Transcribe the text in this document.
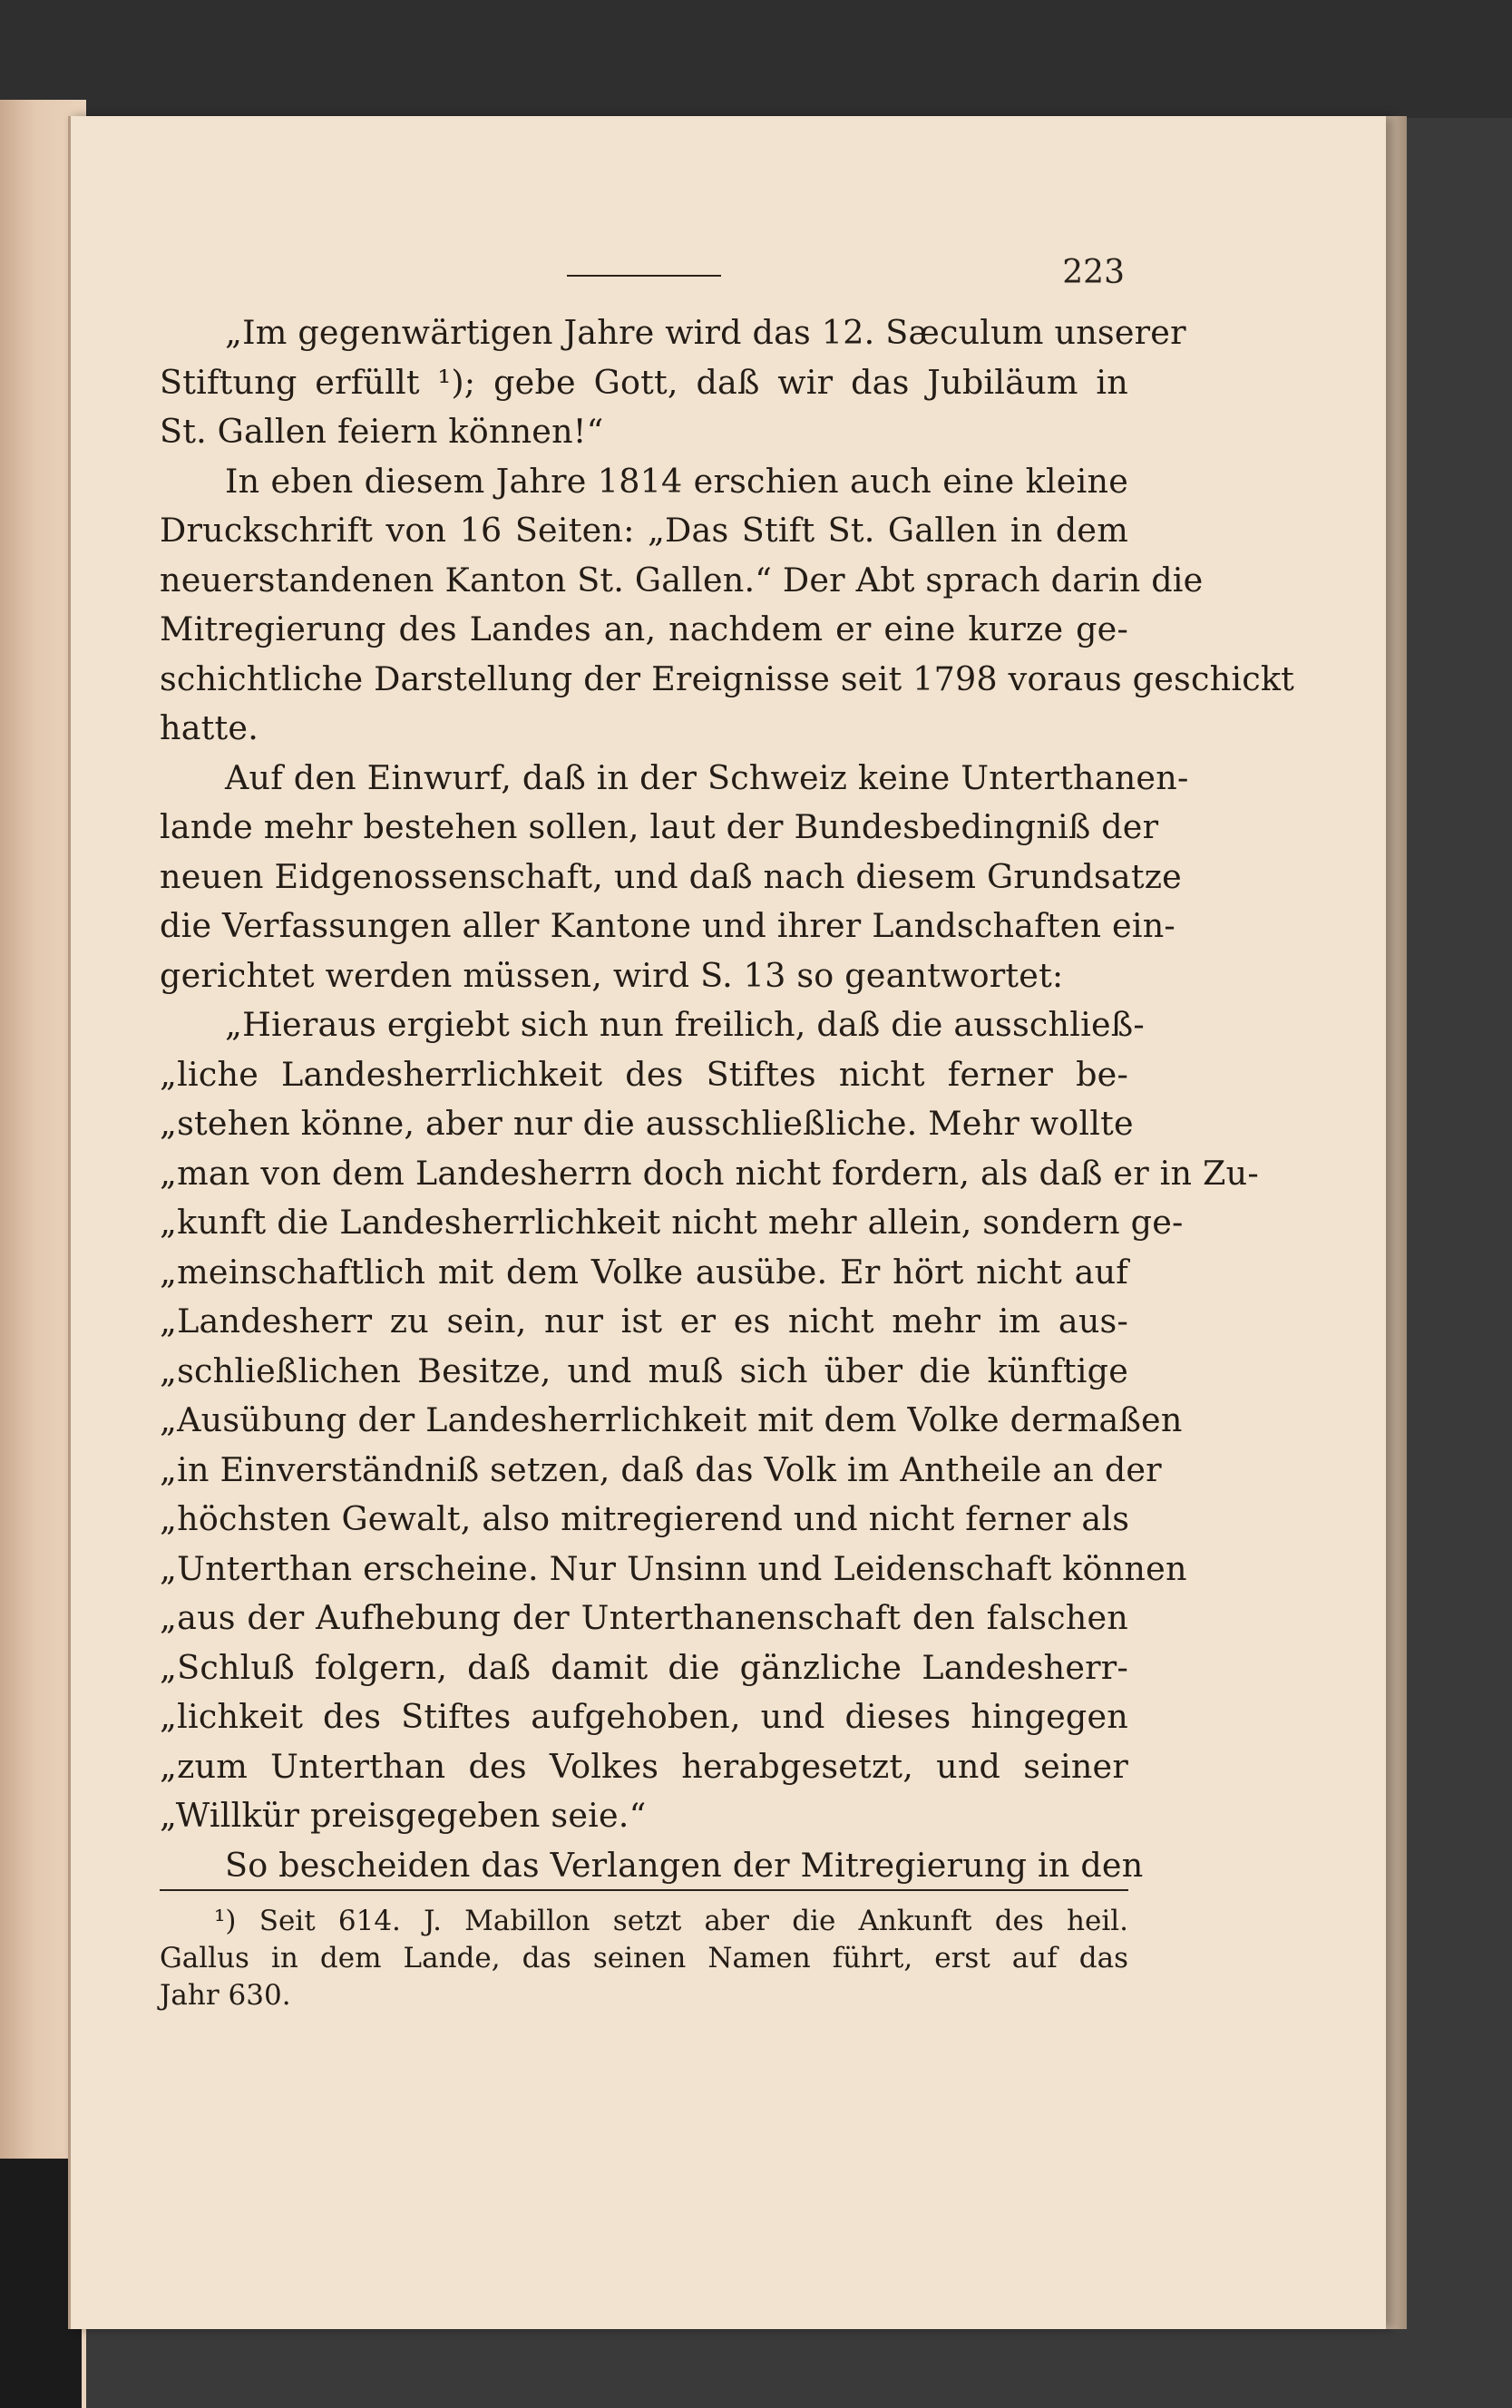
223
„Im gegenwärtigen Jahre wird das 12. Sæculum unserer
Stiftung erfüllt ¹); gebe Gott, daß wir das Jubiläum in
St. Gallen feiern können!“
In eben diesem Jahre 1814 erschien auch eine kleine
Druckschrift von 16 Seiten: „Das Stift St. Gallen in dem
neuerstandenen Kanton St. Gallen.“ Der Abt sprach darin die
Mitregierung des Landes an, nachdem er eine kurze ge-
schichtliche Darstellung der Ereignisse seit 1798 voraus geschickt
hatte.
Auf den Einwurf, daß in der Schweiz keine Unterthanen-
lande mehr bestehen sollen, laut der Bundesbedingniß der
neuen Eidgenossenschaft, und daß nach diesem Grundsatze
die Verfassungen aller Kantone und ihrer Landschaften ein-
gerichtet werden müssen, wird S. 13 so geantwortet:
„Hieraus ergiebt sich nun freilich, daß die ausschließ-
„liche Landesherrlichkeit des Stiftes nicht ferner be-
„stehen könne, aber nur die ausschließliche. Mehr wollte
„man von dem Landesherrn doch nicht fordern, als daß er in Zu-
„kunft die Landesherrlichkeit nicht mehr allein, sondern ge-
„meinschaftlich mit dem Volke ausübe. Er hört nicht auf
„Landesherr zu sein, nur ist er es nicht mehr im aus-
„schließlichen Besitze, und muß sich über die künftige
„Ausübung der Landesherrlichkeit mit dem Volke dermaßen
„in Einverständniß setzen, daß das Volk im Antheile an der
„höchsten Gewalt, also mitregierend und nicht ferner als
„Unterthan erscheine. Nur Unsinn und Leidenschaft können
„aus der Aufhebung der Unterthanenschaft den falschen
„Schluß folgern, daß damit die gänzliche Landesherr-
„lichkeit des Stiftes aufgehoben, und dieses hingegen
„zum Unterthan des Volkes herabgesetzt, und seiner
„Willkür preisgegeben seie.“
So bescheiden das Verlangen der Mitregierung in den
¹) Seit 614. J. Mabillon setzt aber die Ankunft des heil.
Gallus in dem Lande, das seinen Namen führt, erst auf das
Jahr 630.
